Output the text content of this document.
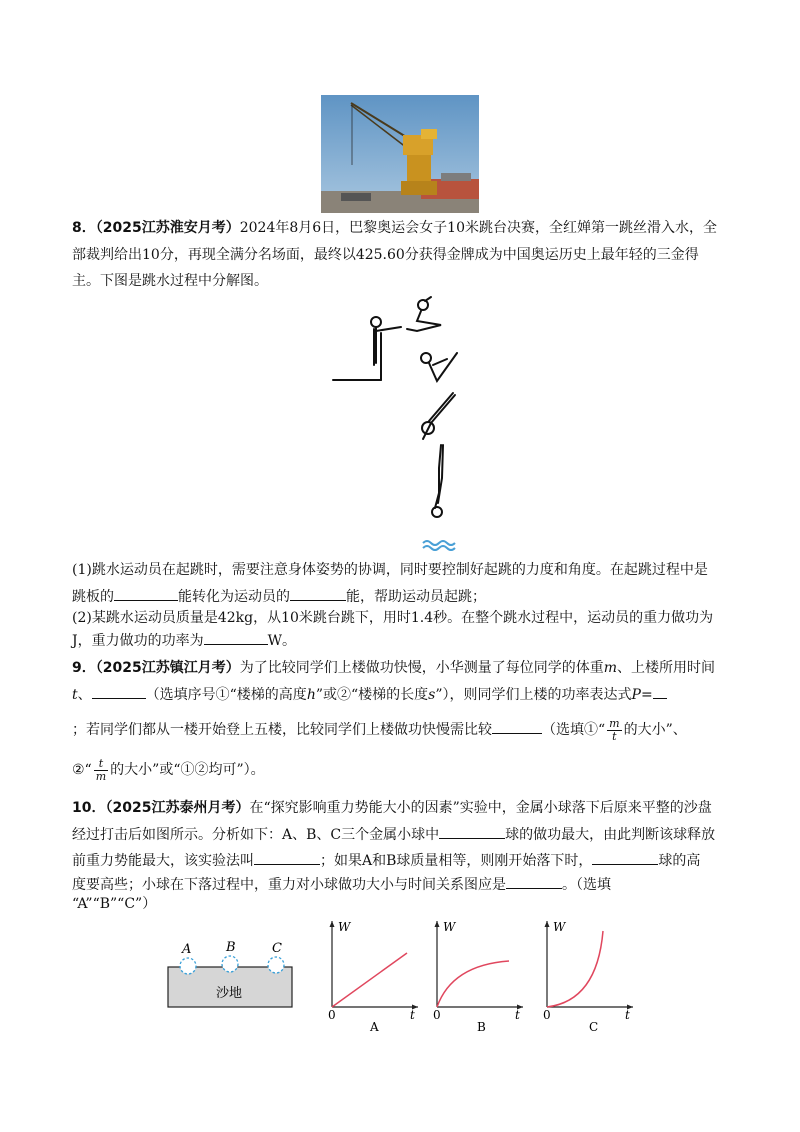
8．（2025江苏淮安月考）2024年8月6日，巴黎奥运会女子10米跳台决赛，全红婵第一跳丝滑入水，全
部裁判给出10分，再现全满分名场面，最终以425.60分获得金牌成为中国奥运历史上最年轻的三金得
主。下图是跳水过程中分解图。
(1)跳水运动员在起跳时，需要注意身体姿势的协调，同时要控制好起跳的力度和角度。在起跳过程中是
跳板的	能转化为运动员的	能，帮助运动员起跳；
(2)某跳水运动员质量是42kg，从10米跳台跳下，用时1.4秒。在整个跳水过程中，运动员的重力做功为
J，重力做功的功率为	W。
9．（2025江苏镇江月考）为了比较同学们上楼做功快慢，小华测量了每位同学的体重m、上楼所用时间
t、	（选填序号①“楼梯的高度h”或②“楼梯的长度s”），则同学们上楼的功率表达式P=
；若同学们都从一楼开始登上五楼，比较同学们上楼做功快慢需比较	（选填①“ $\frac{m}{t}$ 的大小”、
②“ $\frac{t}{m}$ 的大小”或“①②均可”）。
10．（2025江苏泰州月考）在“探究影响重力势能大小的因素”实验中，金属小球落下后原来平整的沙盘
经过打击后如图所示。分析如下：A、B、C三个金属小球中	球的做功最大，由此判断该球释放
前重力势能最大，该实验法叫	；如果A和B球质量相等，则刚开始落下时，	球的高
度要高些；小球在下落过程中，重力对小球做功大小与时间关系图应是	。（选填
“A”“B”“C”）
A	B	C
沙地
W
t
0
A
W
t
0
B
W
t
0
C
